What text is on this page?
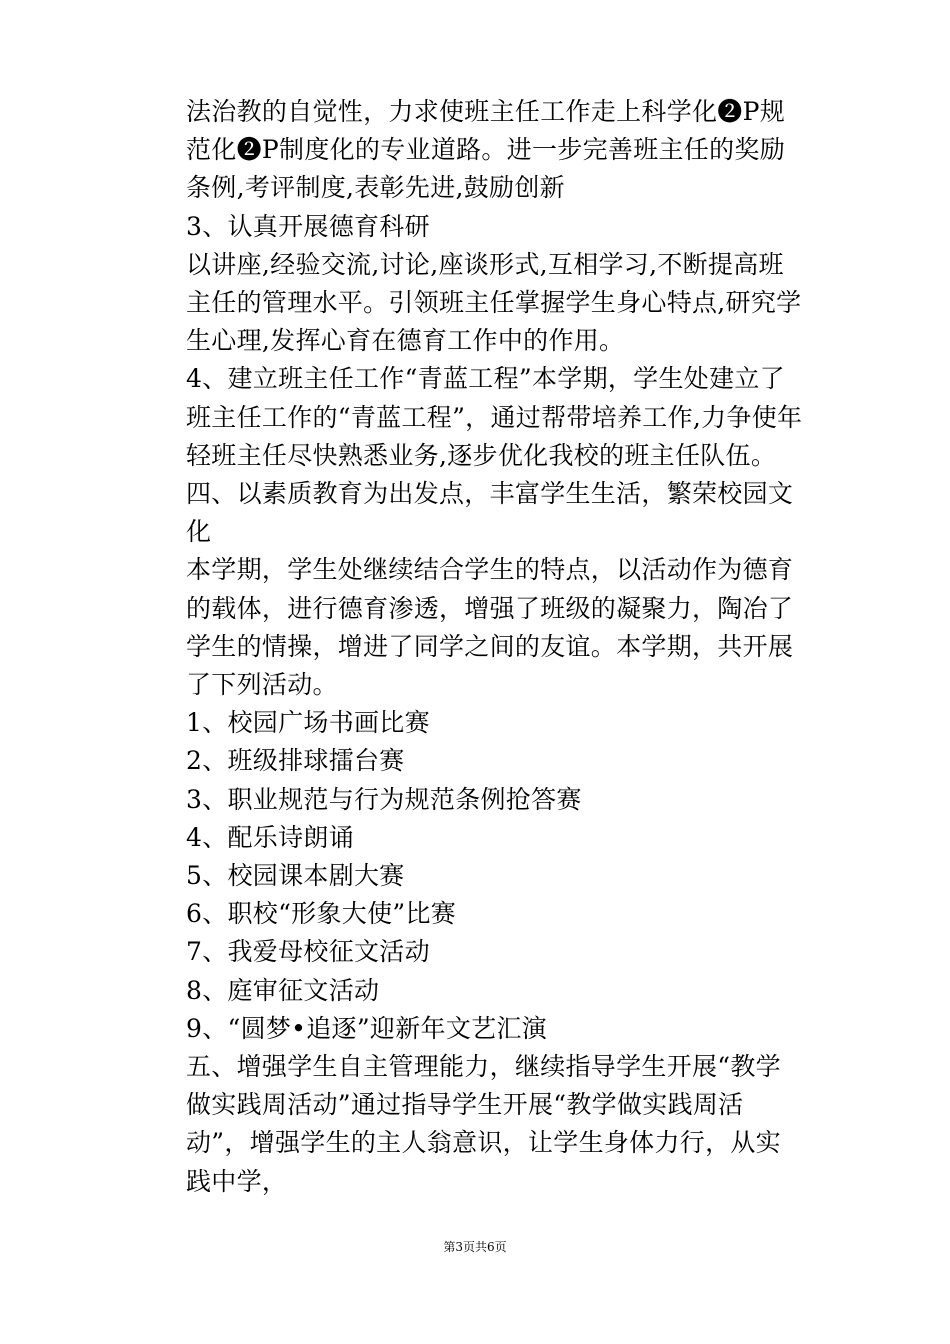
法治教的自觉性，力求使班主任工作走上科学化❷P规范化❷P制度化的专业道路。进一步完善班主任的奖励条例,考评制度,表彰先进,鼓励创新

3、认真开展德育科研

以讲座,经验交流,讨论,座谈形式,互相学习,不断提高班主任的管理水平。引领班主任掌握学生身心特点,研究学生心理,发挥心育在德育工作中的作用。

4、建立班主任工作“青蓝工程”本学期，学生处建立了班主任工作的“青蓝工程”，通过帮带培养工作,力争使年轻班主任尽快熟悉业务,逐步优化我校的班主任队伍。

四、以素质教育为出发点，丰富学生生活，繁荣校园文化

本学期，学生处继续结合学生的特点，以活动作为德育的载体，进行德育渗透，增强了班级的凝聚力，陶冶了学生的情操，增进了同学之间的友谊。本学期，共开展了下列活动。

1、校园广场书画比赛

2、班级排球擂台赛

3、职业规范与行为规范条例抢答赛

4、配乐诗朗诵

5、校园课本剧大赛

6、职校“形象大使”比赛

7、我爱母校征文活动

8、庭审征文活动

9、“圆梦•追逐”迎新年文艺汇演

五、增强学生自主管理能力，继续指导学生开展“教学做实践周活动”通过指导学生开展“教学做实践周活动”，增强学生的主人翁意识，让学生身体力行，从实践中学，

第3页共6页
